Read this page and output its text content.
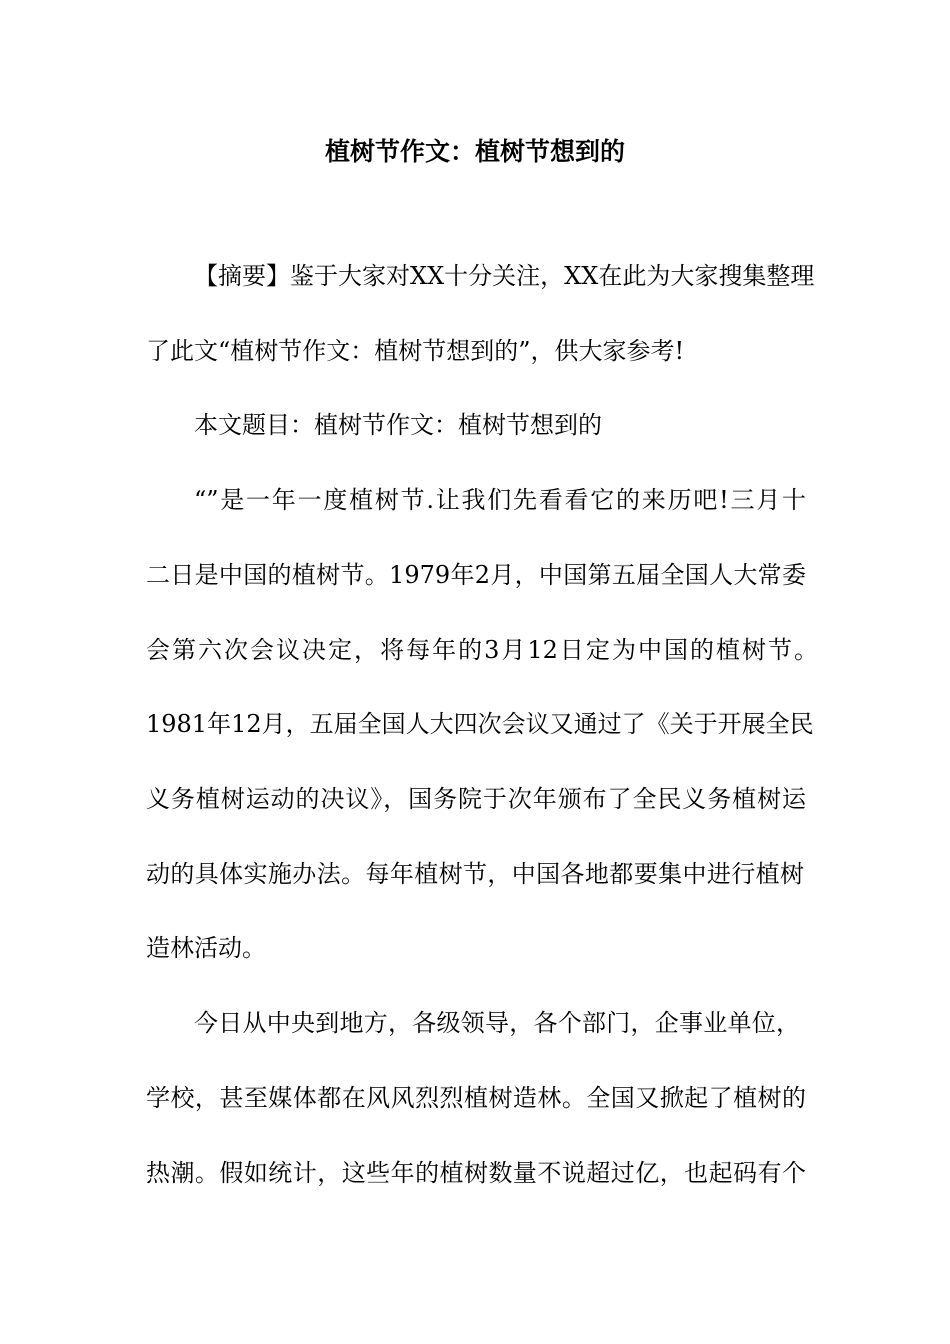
植树节作文：植树节想到的
【摘要】鉴于大家对XX十分关注，XX在此为大家搜集整理
了此文“植树节作文：植树节想到的”，供大家参考!
本文题目：植树节作文：植树节想到的
“”是一年一度植树节.让我们先看看它的来历吧!三月十
二日是中国的植树节。1979年2月，中国第五届全国人大常委
会第六次会议决定，将每年的3月12日定为中国的植树节。
1981年12月，五届全国人大四次会议又通过了《关于开展全民
义务植树运动的决议》，国务院于次年颁布了全民义务植树运
动的具体实施办法。每年植树节，中国各地都要集中进行植树
造林活动。
今日从中央到地方，各级领导，各个部门，企事业单位，
学校，甚至媒体都在风风烈烈植树造林。全国又掀起了植树的
热潮。假如统计，这些年的植树数量不说超过亿，也起码有个
